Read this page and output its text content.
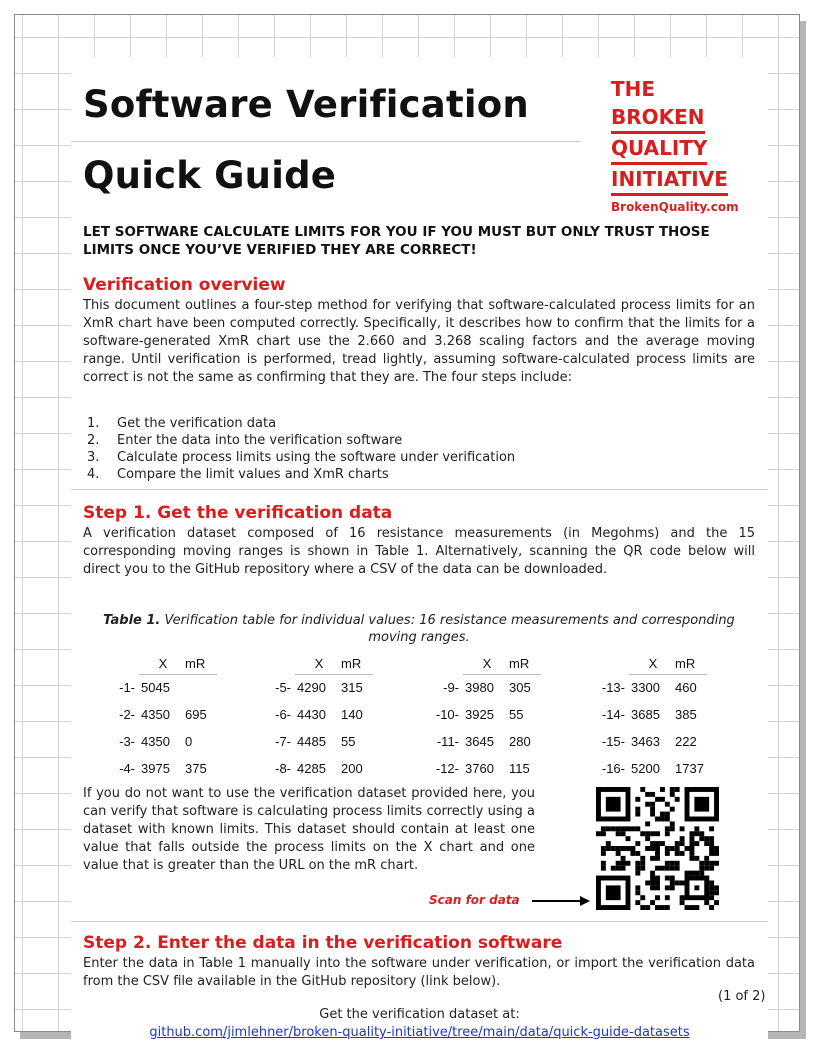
Software Verification
Quick Guide
THE
BROKEN
QUALITY
INITIATIVE
BrokenQuality.com
LET SOFTWARE CALCULATE LIMITS FOR YOU IF YOU MUST BUT ONLY TRUST THOSE LIMITS ONCE YOU’VE VERIFIED THEY ARE CORRECT!
Verification overview

This document outlines a four-step method for verifying that software-calculated process limits for an XmR chart have been computed correctly. Specifically, it describes how to confirm that the limits for a software-generated XmR chart use the 2.660 and 3.268 scaling factors and the average moving range. Until verification is performed, tread lightly, assuming software-calculated process limits are correct is not the same as confirming that they are. The four steps include:

1.	Get the verification data
2.	Enter the data into the verification software
3.	Calculate process limits using the software under verification
4.	Compare the limit values and XmR charts
Step 1. Get the verification data

A verification dataset composed of 16 resistance measurements (in Megohms) and the 15 corresponding moving ranges is shown in Table 1. Alternatively, scanning the QR code below will direct you to the GitHub repository where a CSV of the data can be downloaded.

Table 1. Verification table for individual values: 16 resistance measurements and corresponding moving ranges.
X	mR
-1- 5045
-2- 4350	695
-3- 4350	0
-4- 3975	375
X	mR
-5- 4290	315
-6- 4430	140
-7- 4485	55
-8- 4285	200
X	mR
-9- 3980	305
-10- 3925	55
-11- 3645	280
-12- 3760	115
X	mR
-13- 3300	460
-14- 3685	385
-15- 3463	222
-16- 5200	1737

If you do not want to use the verification dataset provided here, you can verify that software is calculating process limits correctly using a dataset with known limits. This dataset should contain at least one value that falls outside the process limits on the X chart and one value that is greater than the URL on the mR chart.

Scan for data
Step 2. Enter the data in the verification software

Enter the data in Table 1 manually into the software under verification, or import the verification data from the CSV file available in the GitHub repository (link below).

(1 of 2)
Get the verification dataset at:
github.com/jimlehner/broken-quality-initiative/tree/main/data/quick-guide-datasets
